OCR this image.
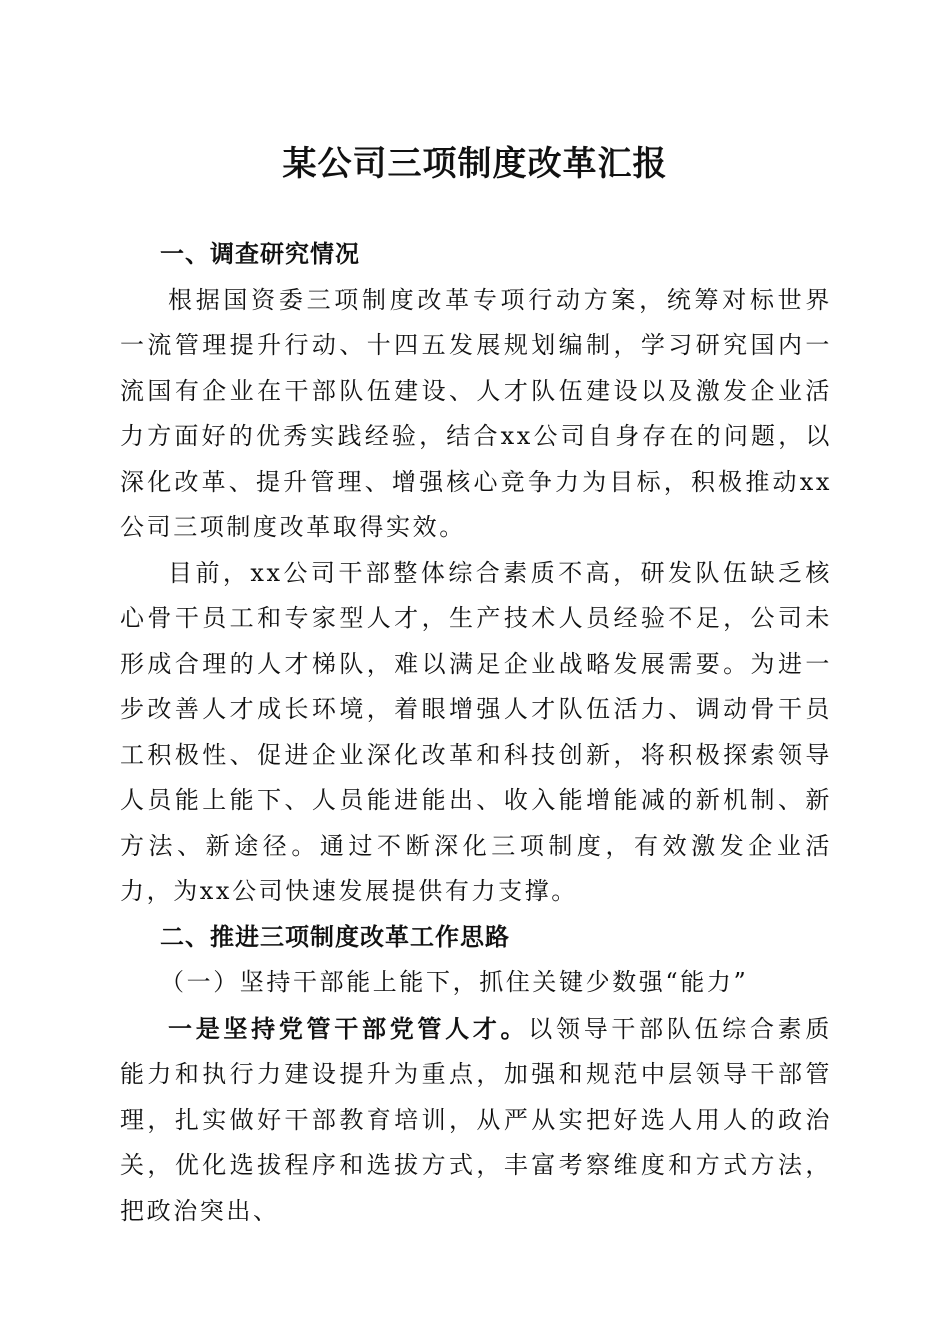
某公司三项制度改革汇报

一、调查研究情况

根据国资委三项制度改革专项行动方案，统筹对标世界一流管理提升行动、十四五发展规划编制，学习研究国内一流国有企业在干部队伍建设、人才队伍建设以及激发企业活力方面好的优秀实践经验，结合xx公司自身存在的问题，以深化改革、提升管理、增强核心竞争力为目标，积极推动xx公司三项制度改革取得实效。

目前，xx公司干部整体综合素质不高，研发队伍缺乏核心骨干员工和专家型人才，生产技术人员经验不足，公司未形成合理的人才梯队，难以满足企业战略发展需要。为进一步改善人才成长环境，着眼增强人才队伍活力、调动骨干员工积极性、促进企业深化改革和科技创新，将积极探索领导人员能上能下、人员能进能出、收入能增能减的新机制、新方法、新途径。通过不断深化三项制度，有效激发企业活力，为xx公司快速发展提供有力支撑。

二、推进三项制度改革工作思路

（一）坚持干部能上能下，抓住关键少数强“能力”

一是坚持党管干部党管人才。以领导干部队伍综合素质能力和执行力建设提升为重点，加强和规范中层领导干部管理，扎实做好干部教育培训，从严从实把好选人用人的政治关，优化选拔程序和选拔方式，丰富考察维度和方式方法，把政治突出、
